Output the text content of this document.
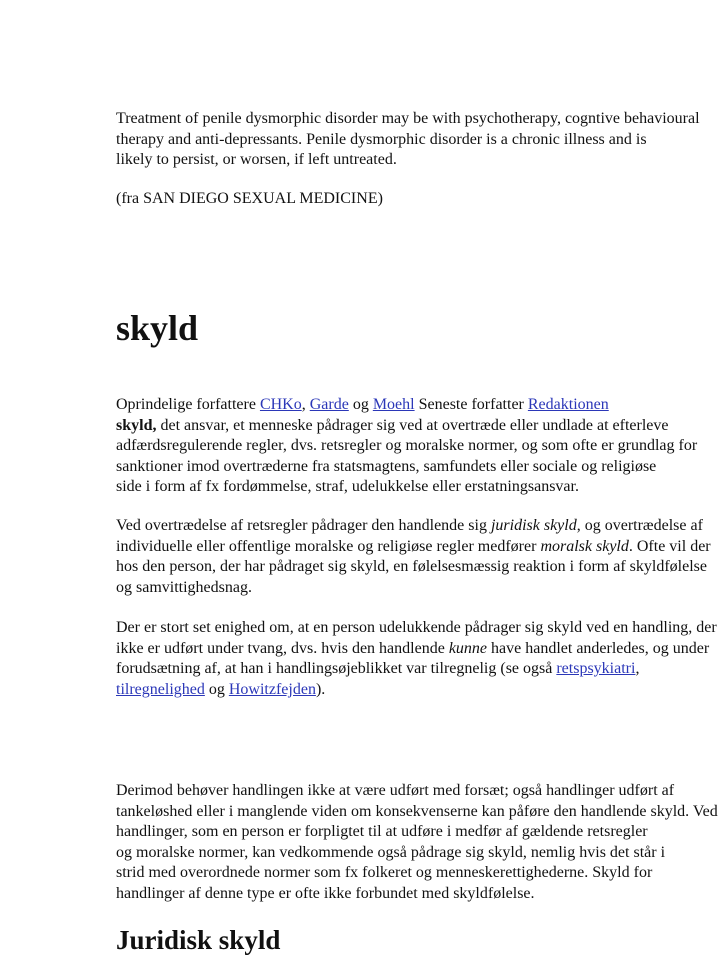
Treatment of penile dysmorphic disorder may be with psychotherapy, cogntive behavioural
therapy and anti-depressants. Penile dysmorphic disorder is a chronic illness and is
likely to persist, or worsen, if left untreated.
(fra SAN DIEGO SEXUAL MEDICINE)
skyld
Oprindelige forfattere CHKo, Garde og Moehl Seneste forfatter Redaktionen
skyld, det ansvar, et menneske pådrager sig ved at overtræde eller undlade at efterleve
adfærdsregulerende regler, dvs. retsregler og moralske normer, og som ofte er grundlag for
sanktioner imod overtræderne fra statsmagtens, samfundets eller sociale og religiøse
side i form af fx fordømmelse, straf, udelukkelse eller erstatningsansvar.
Ved overtrædelse af retsregler pådrager den handlende sig juridisk skyld, og overtrædelse af
individuelle eller offentlige moralske og religiøse regler medfører moralsk skyld. Ofte vil der
hos den person, der har pådraget sig skyld, en følelsesmæssig reaktion i form af skyldfølelse
og samvittighedsnag.
Der er stort set enighed om, at en person udelukkende pådrager sig skyld ved en handling, der
ikke er udført under tvang, dvs. hvis den handlende kunne have handlet anderledes, og under
forudsætning af, at han i handlingsøjeblikket var tilregnelig (se også retspsykiatri,
tilregnelighed og Howitzfejden).
Derimod behøver handlingen ikke at være udført med forsæt; også handlinger udført af
tankeløshed eller i manglende viden om konsekvenserne kan påføre den handlende skyld. Ved
handlinger, som en person er forpligtet til at udføre i medfør af gældende retsregler
og moralske normer, kan vedkommende også pådrage sig skyld, nemlig hvis det står i
strid med overordnede normer som fx folkeret og menneskerettighederne. Skyld for
handlinger af denne type er ofte ikke forbundet med skyldfølelse.
Juridisk skyld
